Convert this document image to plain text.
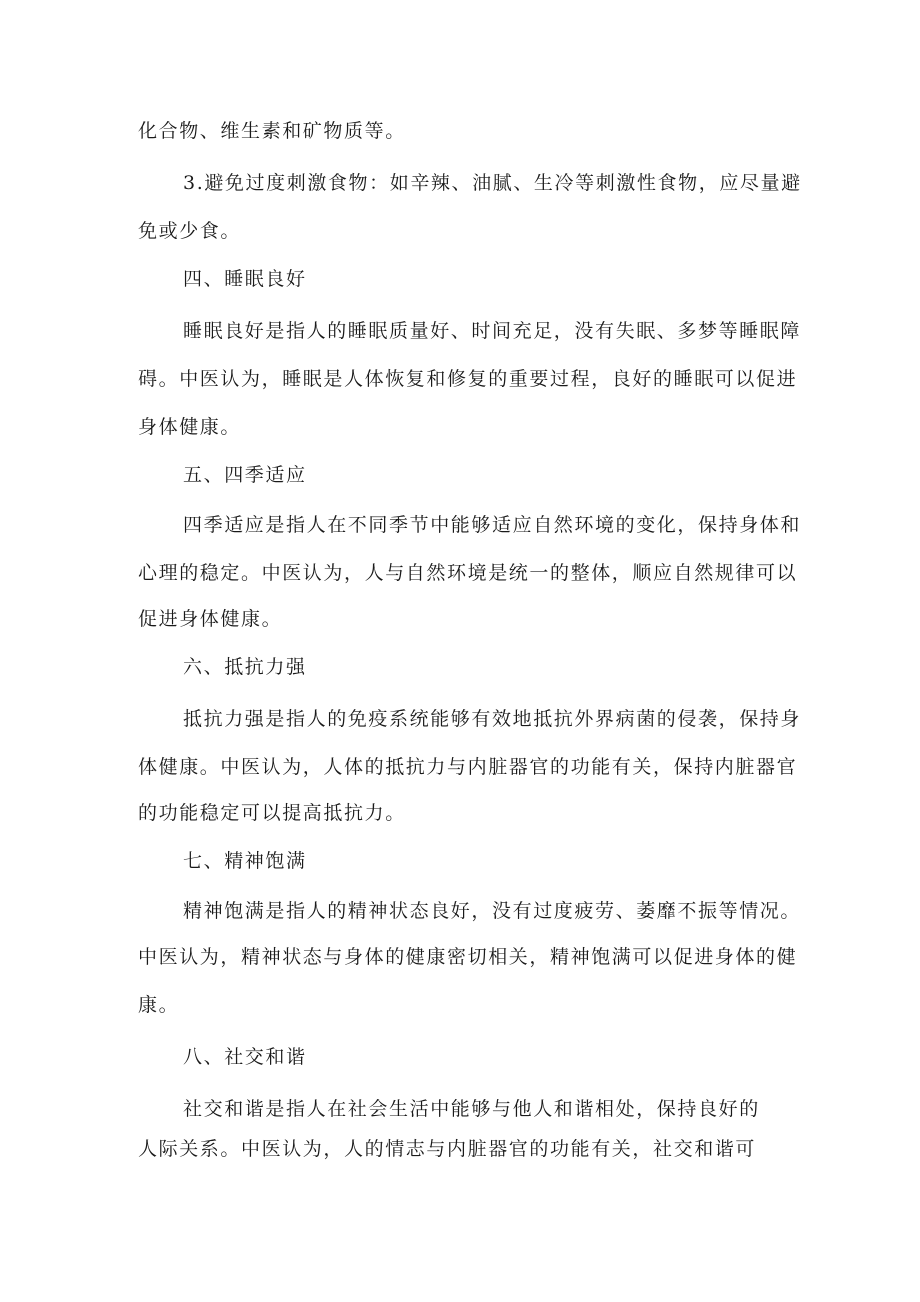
化合物、维生素和矿物质等。
3.避免过度刺激食物：如辛辣、油腻、生冷等刺激性食物，应尽量避
免或少食。
四、睡眠良好
睡眠良好是指人的睡眠质量好、时间充足，没有失眠、多梦等睡眠障
碍。中医认为，睡眠是人体恢复和修复的重要过程，良好的睡眠可以促进
身体健康。
五、四季适应
四季适应是指人在不同季节中能够适应自然环境的变化，保持身体和
心理的稳定。中医认为，人与自然环境是统一的整体，顺应自然规律可以
促进身体健康。
六、抵抗力强
抵抗力强是指人的免疫系统能够有效地抵抗外界病菌的侵袭，保持身
体健康。中医认为，人体的抵抗力与内脏器官的功能有关，保持内脏器官
的功能稳定可以提高抵抗力。
七、精神饱满
精神饱满是指人的精神状态良好，没有过度疲劳、萎靡不振等情况。
中医认为，精神状态与身体的健康密切相关，精神饱满可以促进身体的健
康。
八、社交和谐
社交和谐是指人在社会生活中能够与他人和谐相处，保持良好的
人际关系。中医认为，人的情志与内脏器官的功能有关，社交和谐可
